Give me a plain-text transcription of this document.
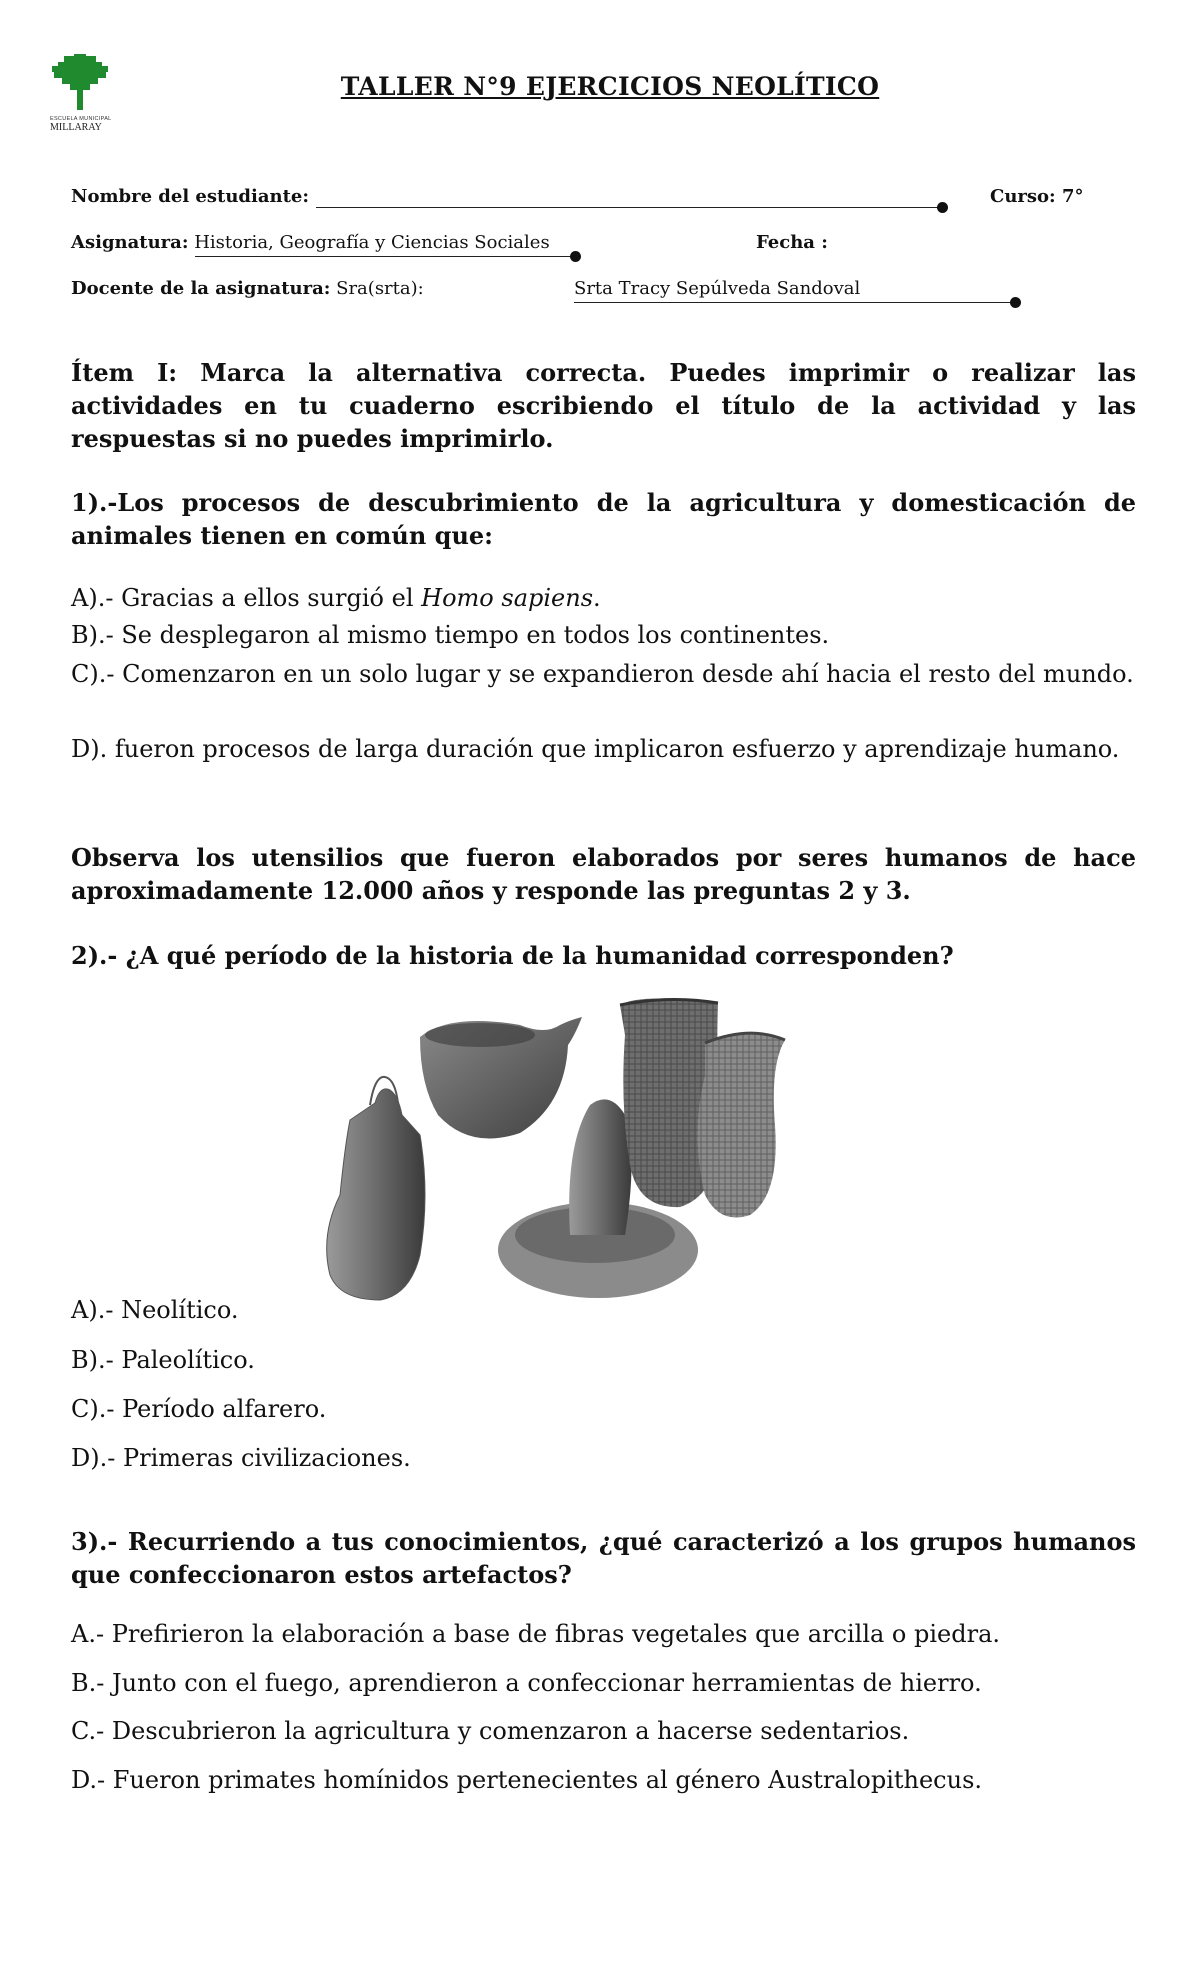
ESCUELA MUNICIPAL
MILLARAY
TALLER N°9 EJERCICIOS NEOLÍTICO
Nombre del estudiante:	Curso: 7°
Asignatura: Historia, Geografía y Ciencias Sociales	Fecha :
Docente de la asignatura: Sra(srta):	Srta Tracy Sepúlveda Sandoval
Ítem I: Marca la alternativa correcta. Puedes imprimir o realizar las actividades en tu cuaderno escribiendo el título de la actividad y las respuestas si no puedes imprimirlo.
1).-Los procesos de descubrimiento de la agricultura y domesticación de animales tienen en común que:
A).- Gracias a ellos surgió el Homo sapiens.
B).- Se desplegaron al mismo tiempo en todos los continentes.
C).- Comenzaron en un solo lugar y se expandieron desde ahí hacia el resto del mundo.
D). fueron procesos de larga duración que implicaron esfuerzo y aprendizaje humano.
Observa los utensilios que fueron elaborados por seres humanos de hace aproximadamente 12.000 años y responde las preguntas 2 y 3.
2).- ¿A qué período de la historia de la humanidad corresponden?
A).- Neolítico.
B).- Paleolítico.
C).- Período alfarero.
D).- Primeras civilizaciones.
3).- Recurriendo a tus conocimientos, ¿qué caracterizó a los grupos humanos que confeccionaron estos artefactos?
A.- Prefirieron la elaboración a base de fibras vegetales que arcilla o piedra.
B.- Junto con el fuego, aprendieron a confeccionar herramientas de hierro.
C.- Descubrieron la agricultura y comenzaron a hacerse sedentarios.
D.- Fueron primates homínidos pertenecientes al género Australopithecus.
